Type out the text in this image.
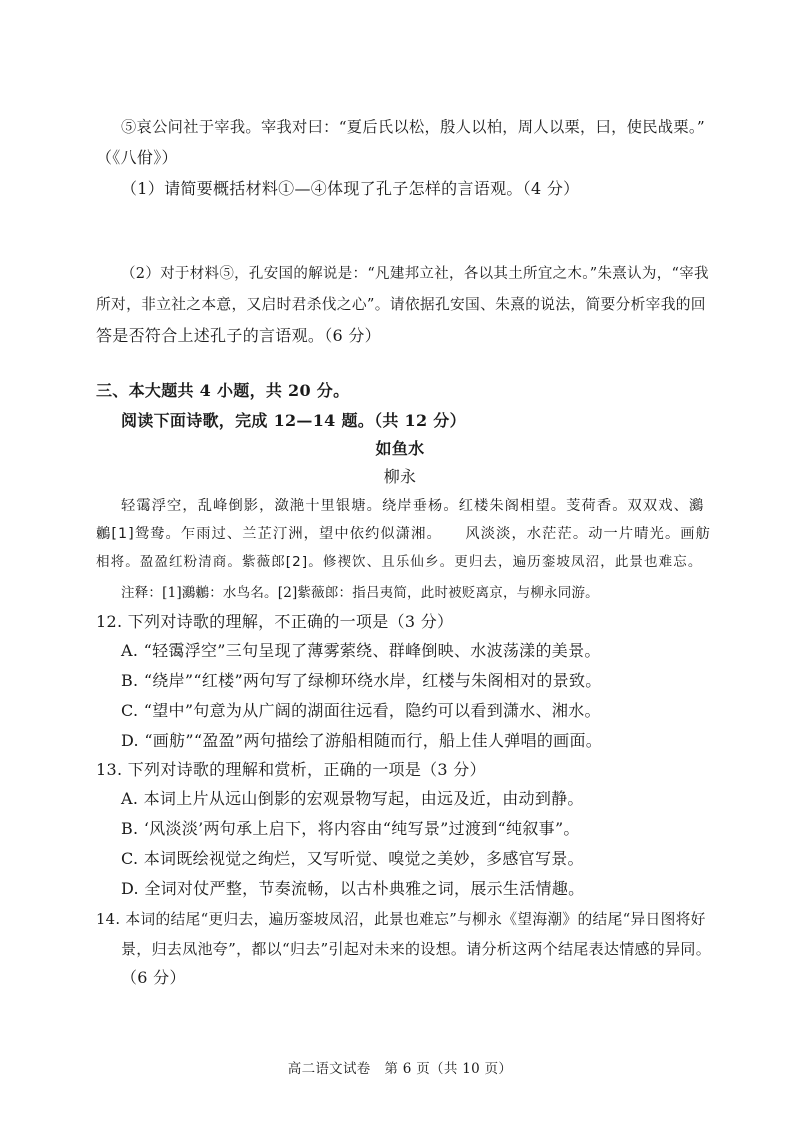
⑤哀公问社于宰我。宰我对曰：“夏后氏以松，殷人以柏，周人以栗，曰，使民战栗。”
（《八佾》）
（1）请简要概括材料①—④体现了孔子怎样的言语观。（4 分）
（2）对于材料⑤，孔安国的解说是：“凡建邦立社，各以其土所宜之木。”朱熹认为，“宰我
所对，非立社之本意，又启时君杀伐之心”。请依据孔安国、朱熹的说法，简要分析宰我的回
答是否符合上述孔子的言语观。（6 分）
三、本大题共 4 小题，共 20 分。
阅读下面诗歌，完成 12—14 题。（共 12 分）
如鱼水
柳永
轻霭浮空，乱峰倒影，潋滟十里银塘。绕岸垂杨。红楼朱阁相望。芰荷香。双双戏、鸂
鶒[1]鸳鸯。乍雨过、兰芷汀洲，望中依约似潇湘。　　风淡淡，水茫茫。动一片晴光。画舫
相将。盈盈红粉清商。紫薇郎[2]。修禊饮、且乐仙乡。更归去，遍历銮坡凤沼，此景也难忘。
注释：[1]鸂鶒：水鸟名。[2]紫薇郎：指吕夷简，此时被贬离京，与柳永同游。
12. 下列对诗歌的理解，不正确的一项是（3 分）
A. “轻霭浮空”三句呈现了薄雾萦绕、群峰倒映、水波荡漾的美景。
B. “绕岸”“红楼”两句写了绿柳环绕水岸，红楼与朱阁相对的景致。
C. “望中”句意为从广阔的湖面往远看，隐约可以看到潇水、湘水。
D. “画舫”“盈盈”两句描绘了游船相随而行，船上佳人弹唱的画面。
13. 下列对诗歌的理解和赏析，正确的一项是（3 分）
A. 本词上片从远山倒影的宏观景物写起，由远及近，由动到静。
B. ‘风淡淡’两句承上启下，将内容由“纯写景”过渡到“纯叙事”。
C. 本词既绘视觉之绚烂，又写听觉、嗅觉之美妙，多感官写景。
D. 全词对仗严整，节奏流畅，以古朴典雅之词，展示生活情趣。
14. 本词的结尾“更归去，遍历銮坡凤沼，此景也难忘”与柳永《望海潮》的结尾“异日图将好
景，归去凤池夸”，都以“归去”引起对未来的设想。请分析这两个结尾表达情感的异同。
（6 分）
高二语文试卷　第 6 页（共 10 页）
